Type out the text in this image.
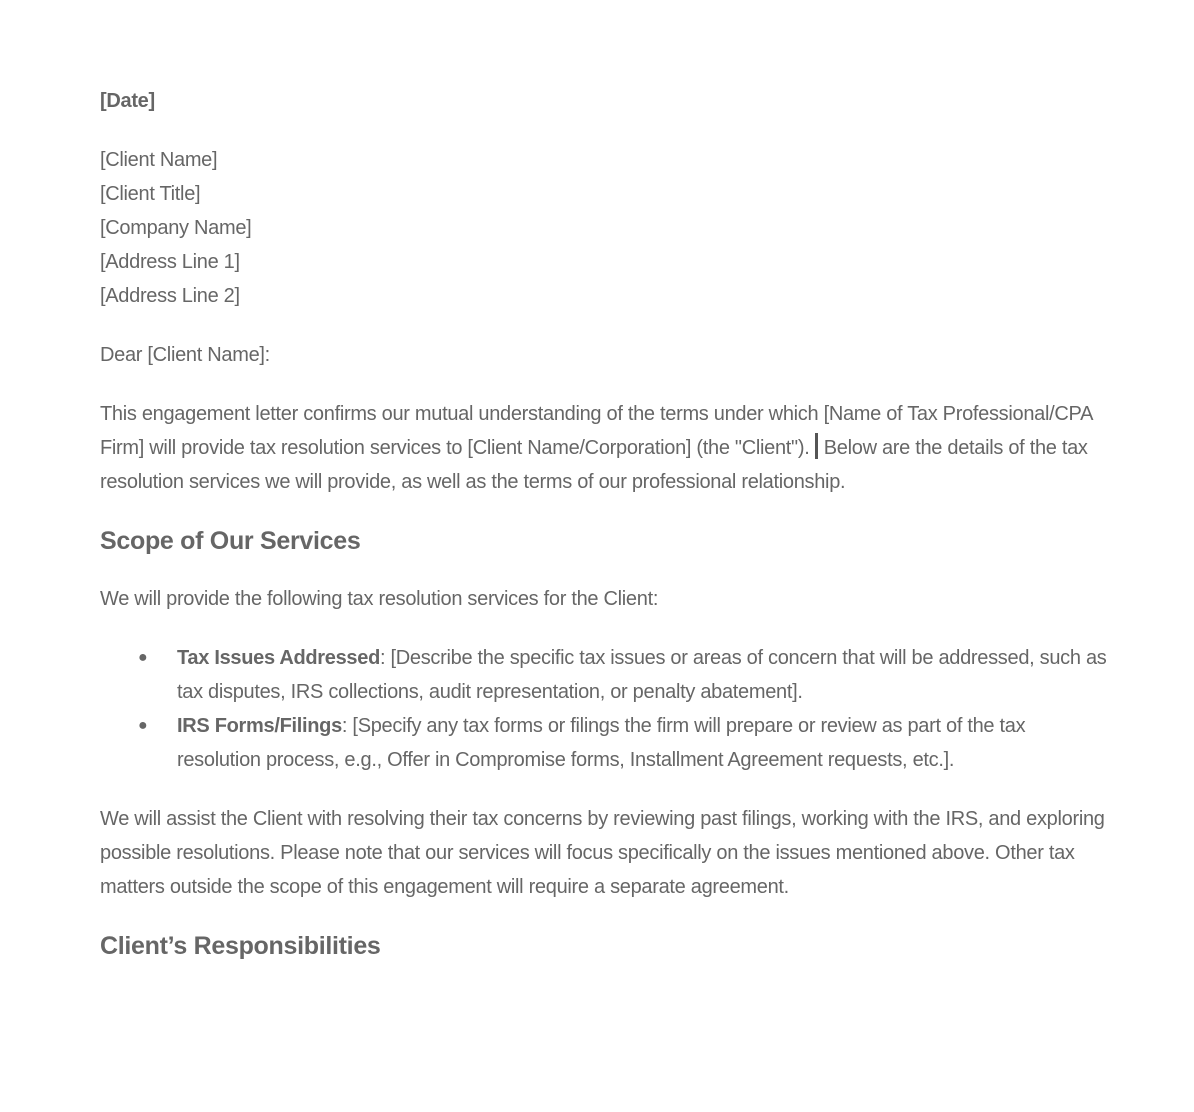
[Date]

[Client Name]
[Client Title]
[Company Name]
[Address Line 1]
[Address Line 2]

Dear [Client Name]:

This engagement letter confirms our mutual understanding of the terms under which [Name of Tax Professional/CPA Firm] will provide tax resolution services to [Client Name/Corporation] (the "Client"). Below are the details of the tax resolution services we will provide, as well as the terms of our professional relationship.

Scope of Our Services

We will provide the following tax resolution services for the Client:

● Tax Issues Addressed: [Describe the specific tax issues or areas of concern that will be addressed, such as tax disputes, IRS collections, audit representation, or penalty abatement].
● IRS Forms/Filings: [Specify any tax forms or filings the firm will prepare or review as part of the tax resolution process, e.g., Offer in Compromise forms, Installment Agreement requests, etc.].

We will assist the Client with resolving their tax concerns by reviewing past filings, working with the IRS, and exploring possible resolutions. Please note that our services will focus specifically on the issues mentioned above. Other tax matters outside the scope of this engagement will require a separate agreement.

Client’s Responsibilities
